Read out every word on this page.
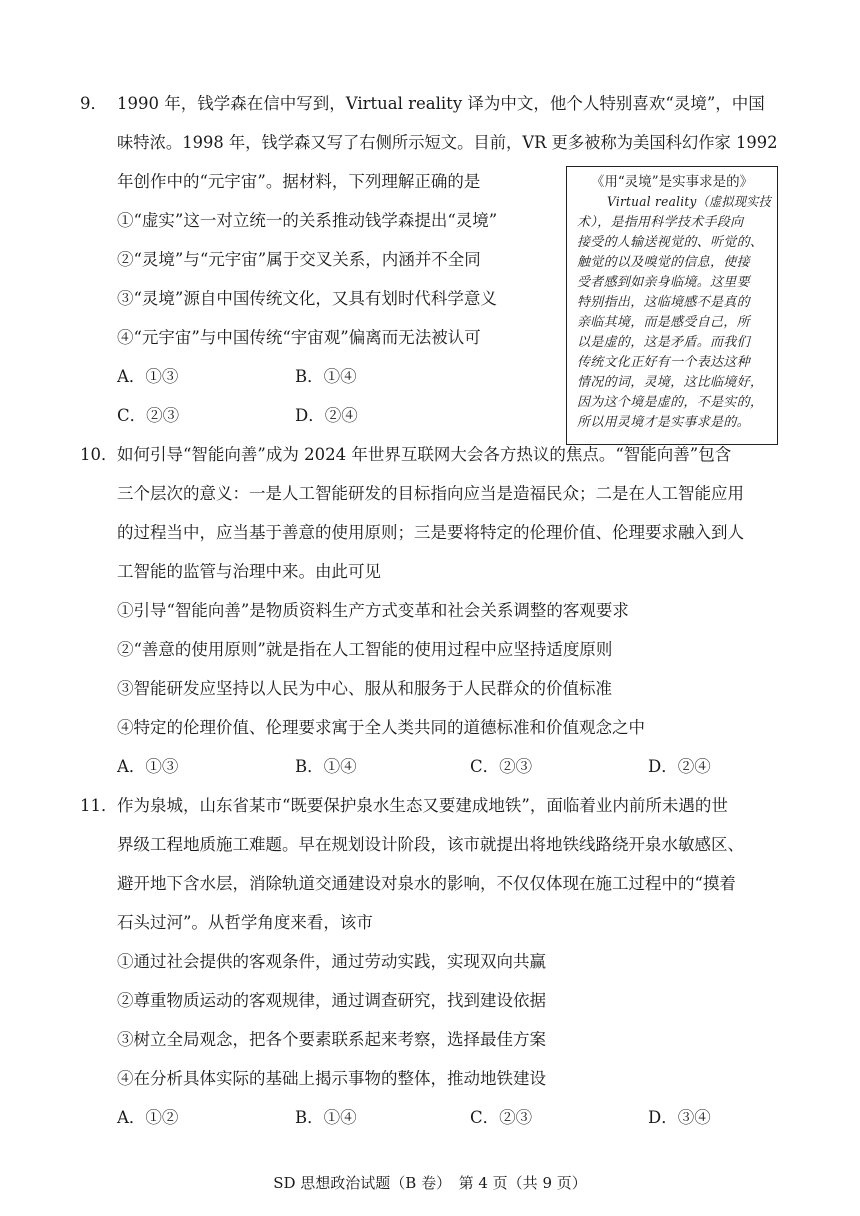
9． 1990 年，钱学森在信中写到，Virtual reality 译为中文，他个人特别喜欢“灵境”，中国
味特浓。1998 年，钱学森又写了右侧所示短文。目前，VR 更多被称为美国科幻作家 1992
年创作中的“元宇宙”。据材料，下列理解正确的是
①“虚实”这一对立统一的关系推动钱学森提出“灵境”
②“灵境”与“元宇宙”属于交叉关系，内涵并不全同
③“灵境”源自中国传统文化，又具有划时代科学意义
④“元宇宙”与中国传统“宇宙观”偏离而无法被认可
A．①③	B．①④
C．②③	D．②④
《用“灵境”是实事求是的》
Virtual reality（虚拟现实技
术），是指用科学技术手段向
接受的人输送视觉的、听觉的、
触觉的以及嗅觉的信息，使接
受者感到如亲身临境。这里要
特别指出，这临境感不是真的
亲临其境，而是感受自己，所
以是虚的，这是矛盾。而我们
传统文化正好有一个表达这种
情况的词，灵境，这比临境好，
因为这个境是虚的，不是实的，
所以用灵境才是实事求是的。
10． 如何引导“智能向善”成为 2024 年世界互联网大会各方热议的焦点。“智能向善”包含
三个层次的意义：一是人工智能研发的目标指向应当是造福民众；二是在人工智能应用
的过程当中，应当基于善意的使用原则；三是要将特定的伦理价值、伦理要求融入到人
工智能的监管与治理中来。由此可见
①引导“智能向善”是物质资料生产方式变革和社会关系调整的客观要求
②“善意的使用原则”就是指在人工智能的使用过程中应坚持适度原则
③智能研发应坚持以人民为中心、服从和服务于人民群众的价值标准
④特定的伦理价值、伦理要求寓于全人类共同的道德标准和价值观念之中
A．①③	B．①④	C．②③	D．②④
11． 作为泉城，山东省某市“既要保护泉水生态又要建成地铁”，面临着业内前所未遇的世
界级工程地质施工难题。早在规划设计阶段，该市就提出将地铁线路绕开泉水敏感区、
避开地下含水层，消除轨道交通建设对泉水的影响，不仅仅体现在施工过程中的“摸着
石头过河”。从哲学角度来看，该市
①通过社会提供的客观条件，通过劳动实践，实现双向共赢
②尊重物质运动的客观规律，通过调查研究，找到建设依据
③树立全局观念，把各个要素联系起来考察，选择最佳方案
④在分析具体实际的基础上揭示事物的整体，推动地铁建设
A．①②	B．①④	C．②③	D．③④
SD 思想政治试题（B 卷）　第 4 页（共 9 页）
